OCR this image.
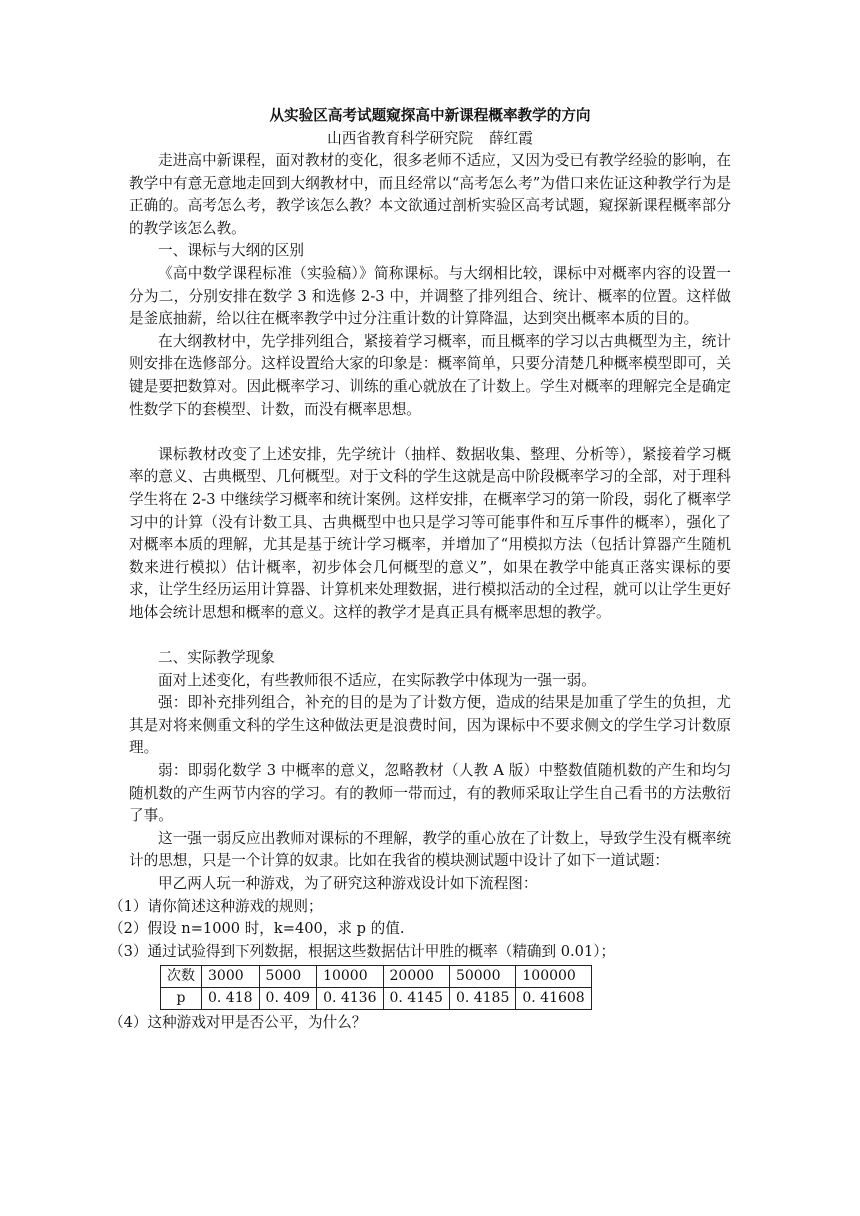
从实验区高考试题窥探高中新课程概率教学的方向

山西省教育科学研究院 薛红霞

走进高中新课程，面对教材的变化，很多老师不适应，又因为受已有教学经验的影响，在教学中有意无意地走回到大纲教材中，而且经常以“高考怎么考”为借口来佐证这种教学行为是正确的。高考怎么考，教学该怎么教？本文欲通过剖析实验区高考试题，窥探新课程概率部分的教学该怎么教。

一、课标与大纲的区别

《高中数学课程标准（实验稿）》简称课标。与大纲相比较，课标中对概率内容的设置一分为二，分别安排在数学 3 和选修 2-3 中，并调整了排列组合、统计、概率的位置。这样做是釜底抽薪，给以往在概率教学中过分注重计数的计算降温，达到突出概率本质的目的。

在大纲教材中，先学排列组合，紧接着学习概率，而且概率的学习以古典概型为主，统计则安排在选修部分。这样设置给大家的印象是：概率简单，只要分清楚几种概率模型即可，关键是要把数算对。因此概率学习、训练的重心就放在了计数上。学生对概率的理解完全是确定性数学下的套模型、计数，而没有概率思想。

课标教材改变了上述安排，先学统计（抽样、数据收集、整理、分析等），紧接着学习概率的意义、古典概型、几何概型。对于文科的学生这就是高中阶段概率学习的全部，对于理科学生将在 2-3 中继续学习概率和统计案例。这样安排，在概率学习的第一阶段，弱化了概率学习中的计算（没有计数工具、古典概型中也只是学习等可能事件和互斥事件的概率），强化了对概率本质的理解，尤其是基于统计学习概率，并增加了“用模拟方法（包括计算器产生随机数来进行模拟）估计概率，初步体会几何概型的意义”，如果在教学中能真正落实课标的要求，让学生经历运用计算器、计算机来处理数据，进行模拟活动的全过程，就可以让学生更好地体会统计思想和概率的意义。这样的教学才是真正具有概率思想的教学。

二、实际教学现象

面对上述变化，有些教师很不适应，在实际教学中体现为一强一弱。

强：即补充排列组合，补充的目的是为了计数方便，造成的结果是加重了学生的负担，尤其是对将来侧重文科的学生这种做法更是浪费时间，因为课标中不要求侧文的学生学习计数原理。

弱：即弱化数学 3 中概率的意义，忽略教材（人教 A 版）中整数值随机数的产生和均匀随机数的产生两节内容的学习。有的教师一带而过，有的教师采取让学生自己看书的方法敷衍了事。

这一强一弱反应出教师对课标的不理解，教学的重心放在了计数上，导致学生没有概率统计的思想，只是一个计算的奴隶。比如在我省的模块测试题中设计了如下一道试题：

甲乙两人玩一种游戏，为了研究这种游戏设计如下流程图：

（1）请你简述这种游戏的规则；

（2）假设 n=1000 时，k=400，求 p 的值.

（3）通过试验得到下列数据，根据这些数据估计甲胜的概率（精确到 0.01）；

次数	3000	5000	10000	20000	50000	100000
p	0. 418	0. 409	0. 4136	0. 4145	0. 4185	0. 41608

（4）这种游戏对甲是否公平，为什么？
